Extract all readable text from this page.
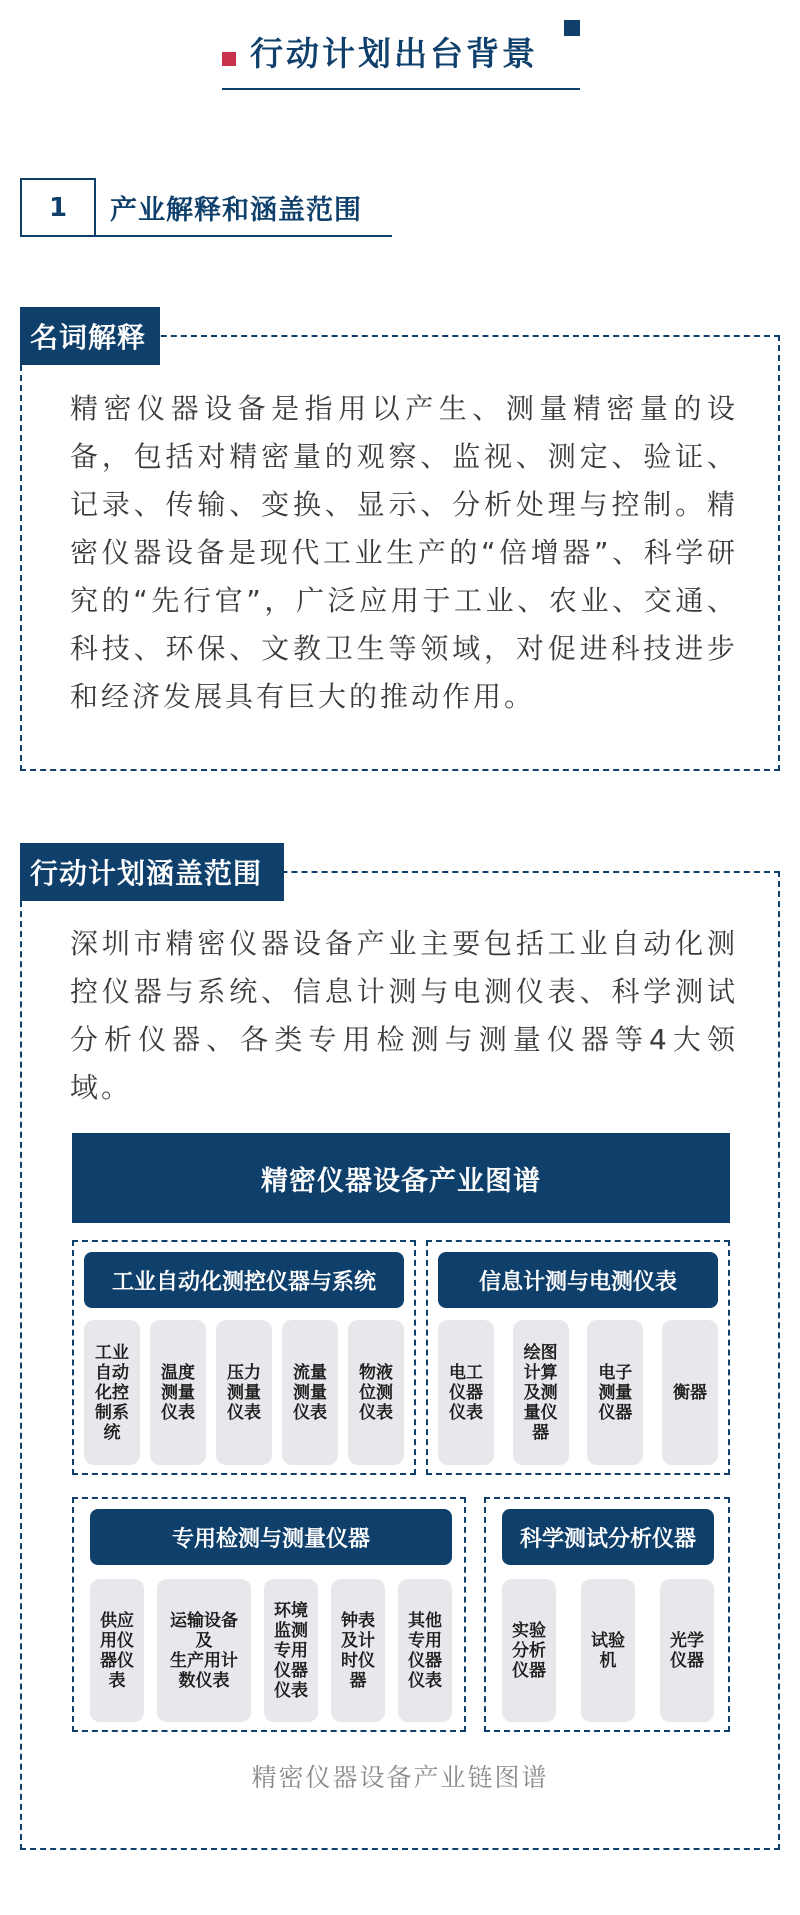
行动计划出台背景
1	产业解释和涵盖范围
名词解释
精密仪器设备是指用以产生、测量精密量的设备，包括对精密量的观察、监视、测定、验证、记录、传输、变换、显示、分析处理与控制。精密仪器设备是现代工业生产的“倍增器”、科学研究的“先行官”，广泛应用于工业、农业、交通、科技、环保、文教卫生等领域，对促进科技进步和经济发展具有巨大的推动作用。
行动计划涵盖范围
深圳市精密仪器设备产业主要包括工业自动化测控仪器与系统、信息计测与电测仪表、科学测试分析仪器、各类专用检测与测量仪器等4大领域。
精密仪器设备产业图谱
工业自动化测控仪器与系统
工业
自动
化控
制系
统
温度
测量
仪表
压力
测量
仪表
流量
测量
仪表
物液
位测
仪表
信息计测与电测仪表
电工
仪器
仪表
绘图
计算
及测
量仪
器
电子
测量
仪器
衡器
专用检测与测量仪器
供应
用仪
器仪
表
运输设备
及
生产用计
数仪表
环境
监测
专用
仪器
仪表
钟表
及计
时仪
器
其他
专用
仪器
仪表
科学测试分析仪器
实验
分析
仪器
试验
机
光学
仪器
精密仪器设备产业链图谱
